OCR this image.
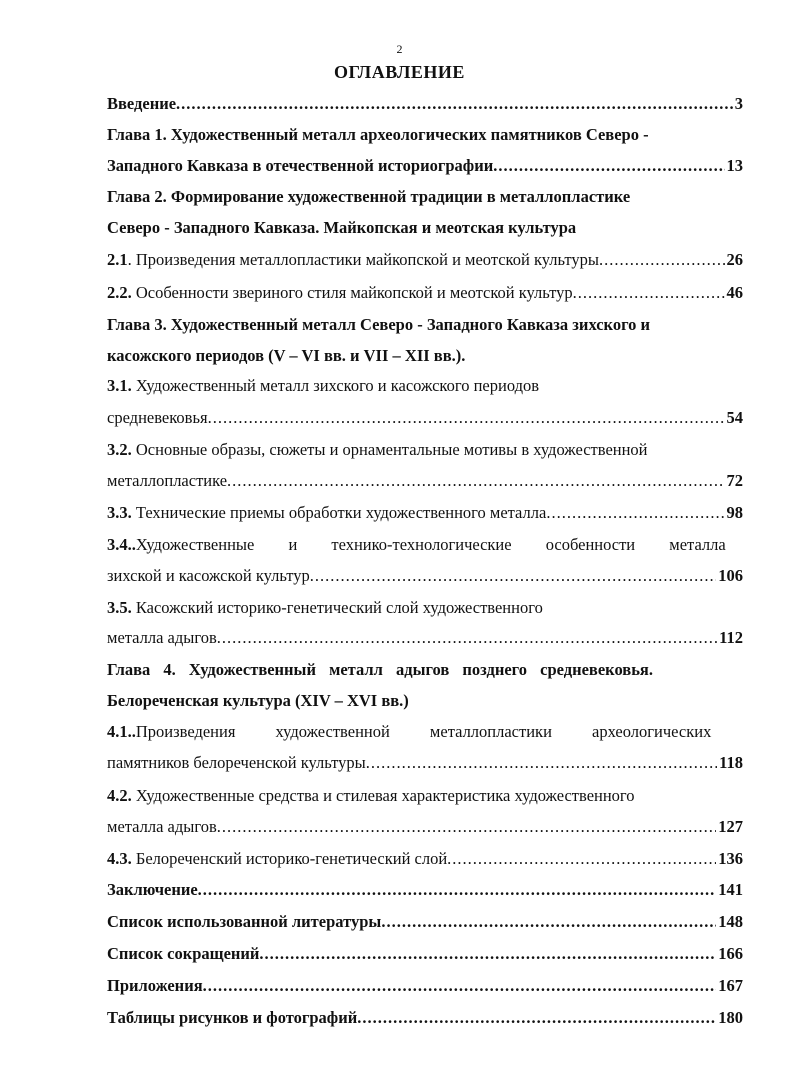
2
ОГЛАВЛЕНИЕ
Введение .....	3
Глава 1. Художественный металл археологических памятников Северо -
Западного Кавказа в отечественной историографии .....	13
Глава 2. Формирование художественной традиции в металлопластике
Северо - Западного Кавказа. Майкопская и меотская культура
2.1. Произведения металлопластики майкопской и меотской культуры .....	26
2.2. Особенности звериного стиля майкопской и меотской культур .....	46
Глава 3. Художественный металл Северо - Западного Кавказа зихского и
касожского периодов (V – VI вв. и VII – XII вв.).
3.1. Художественный металл зихского и касожского периодов
средневековья .....	54
3.2. Основные образы, сюжеты и орнаментальные мотивы в художественной
металлопластике .....	72
3.3. Технические приемы обработки художественного металла .....	98
3.4..Художественные и технико-технологические особенности металла
зихской и касожской культур .....	106
3.5. Касожский историко-генетический слой художественного
металла адыгов .....	112
Глава 4. Художественный металл адыгов позднего средневековья.
Белореченская культура (XIV – XVI вв.)
4.1..Произведения художественной металлопластики археологических
памятников белореченской культуры .....	118
4.2. Художественные средства и стилевая характеристика художественного
металла адыгов .....	127
4.3. Белореченский историко-генетический слой .....	136
Заключение .....	141
Список использованной литературы .....	148
Список сокращений .....	166
Приложения .....	167
Таблицы рисунков и фотографий .....	180
